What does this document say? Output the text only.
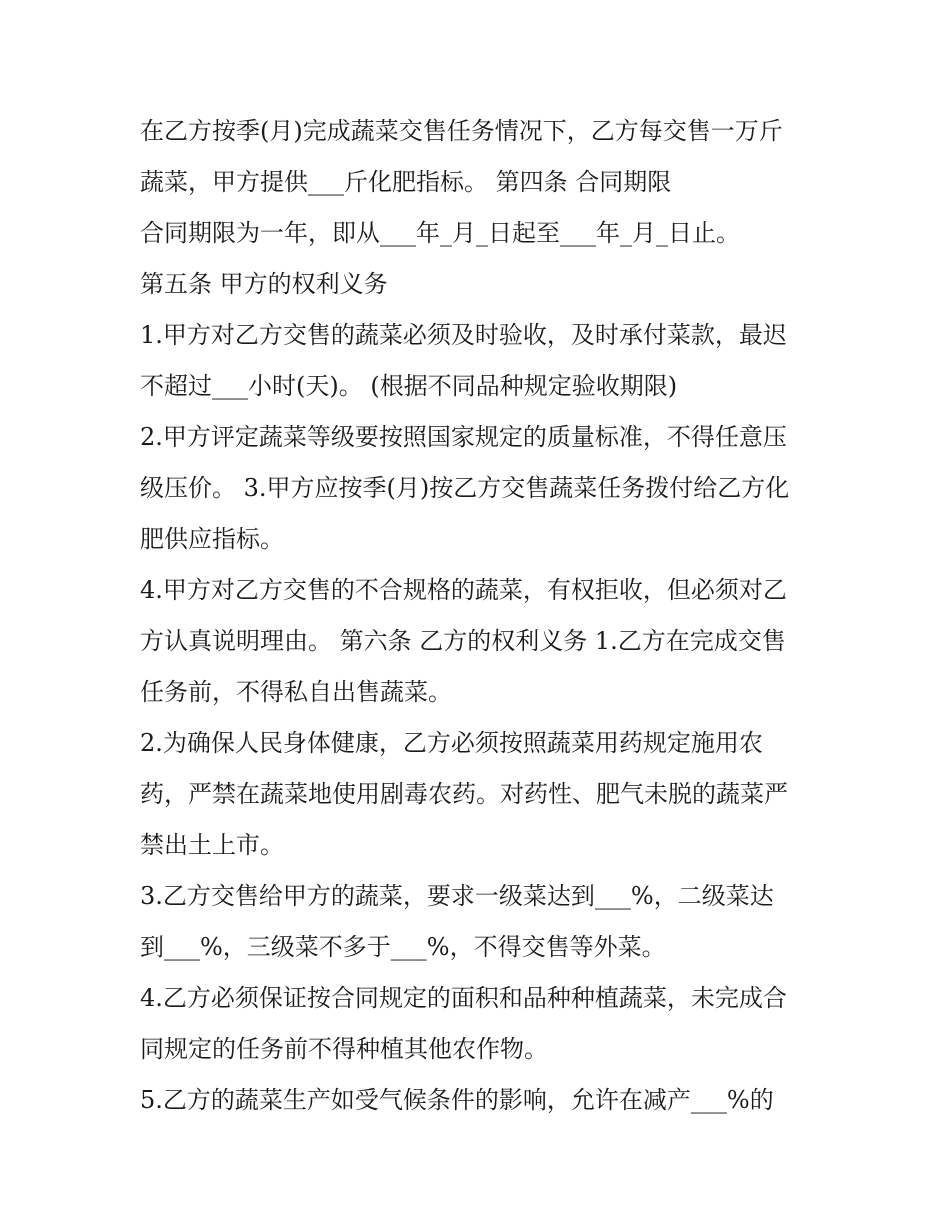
在乙方按季(月)完成蔬菜交售任务情况下，乙方每交售一万斤
蔬菜，甲方提供___斤化肥指标。 第四条 合同期限
合同期限为一年，即从___年_月_日起至___年_月_日止。
第五条 甲方的权利义务
1.甲方对乙方交售的蔬菜必须及时验收，及时承付菜款，最迟
不超过___小时(天)。 (根据不同品种规定验收期限)
2.甲方评定蔬菜等级要按照国家规定的质量标准，不得任意压
级压价。 3.甲方应按季(月)按乙方交售蔬菜任务拨付给乙方化
肥供应指标。
4.甲方对乙方交售的不合规格的蔬菜，有权拒收，但必须对乙
方认真说明理由。 第六条 乙方的权利义务 1.乙方在完成交售
任务前，不得私自出售蔬菜。
2.为确保人民身体健康，乙方必须按照蔬菜用药规定施用农
药，严禁在蔬菜地使用剧毒农药。对药性、肥气未脱的蔬菜严
禁出土上市。
3.乙方交售给甲方的蔬菜，要求一级菜达到___%，二级菜达
到___%，三级菜不多于___%，不得交售等外菜。
4.乙方必须保证按合同规定的面积和品种种植蔬菜，未完成合
同规定的任务前不得种植其他农作物。
5.乙方的蔬菜生产如受气候条件的影响，允许在减产___%的
